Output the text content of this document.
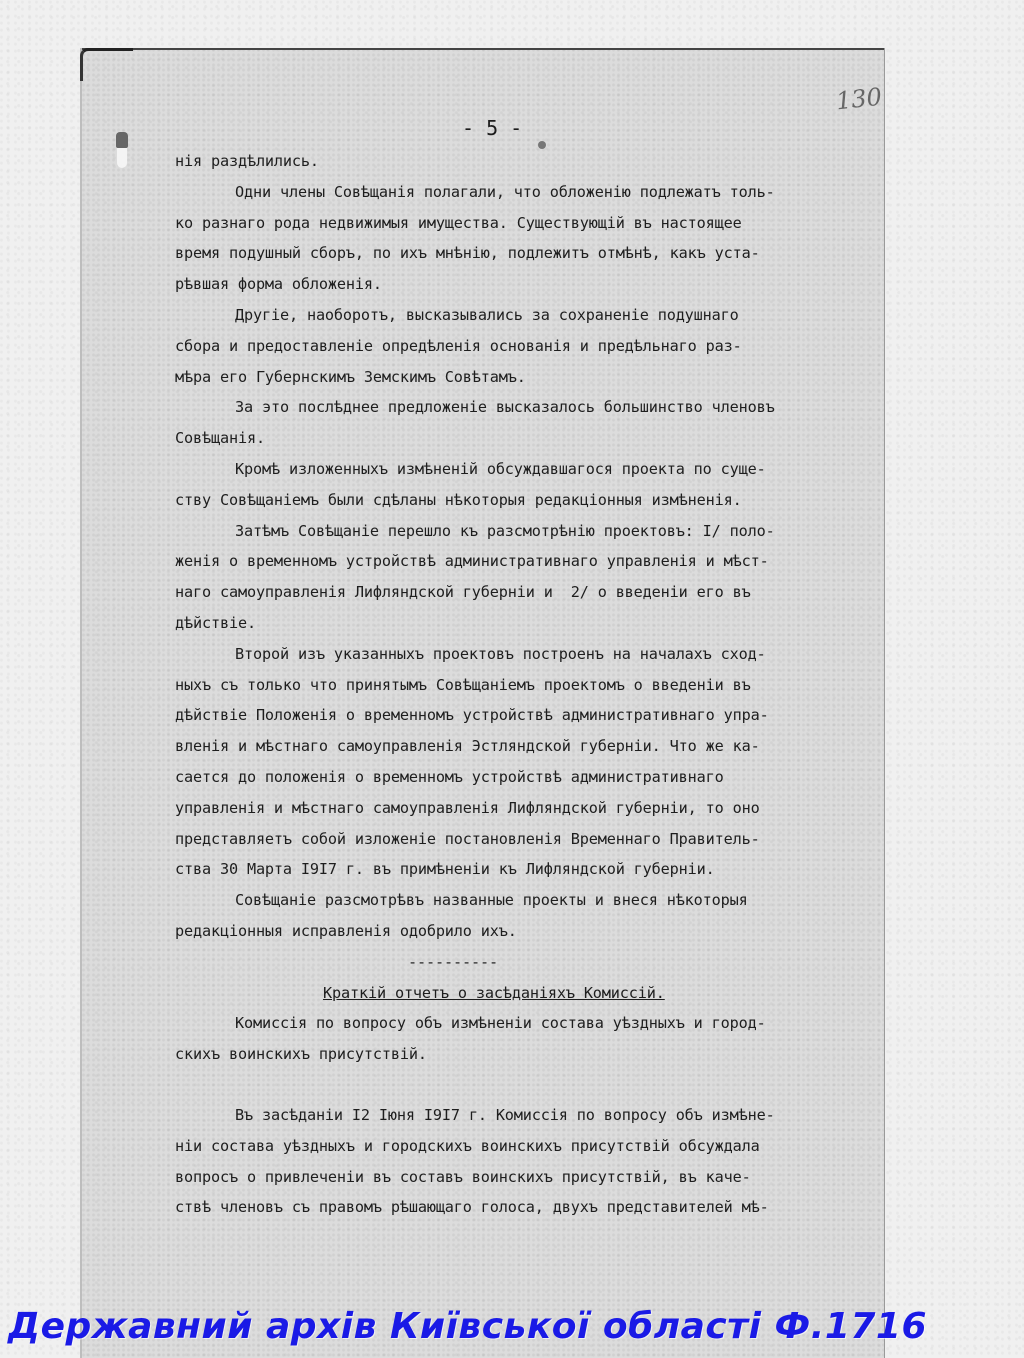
130
- 5 -
нія раздѣлились.
Одни члены Совѣщанія полагали, что обложенію подлежатъ толь-
ко разнаго рода недвижимыя имущества. Существующій въ настоящее
время подушный сборъ, по ихъ мнѣнію, подлежитъ отмѣнѣ, какъ уста-
рѣвшая форма обложенія.
Другіе, наоборотъ, высказывались за сохраненіе подушнаго
сбора и предоставленіе опредѣленія основанія и предѣльнаго раз-
мѣра его Губернскимъ Земскимъ Совѣтамъ.
За это послѣднее предложеніе высказалось большинство членовъ
Совѣщанія.
Кромѣ изложенныхъ измѣненій обсуждавшагося проекта по суще-
ству Совѣщаніемъ были сдѣланы нѣкоторыя редакціонныя измѣненія.
Затѣмъ Совѣщаніе перешло къ разсмотрѣнію проектовъ: I/ поло-
женія о временномъ устройствѣ административнаго управленія и мѣст-
наго самоуправленія Лифляндской губерніи и  2/ о введеніи его въ
дѣйствіе.
Второй изъ указанныхъ проектовъ построенъ на началахъ сход-
ныхъ съ только что принятымъ Совѣщаніемъ проектомъ о введеніи въ
дѣйствіе Положенія о временномъ устройствѣ административнаго упра-
вленія и мѣстнаго самоуправленія Эстляндской губерніи. Что же ка-
сается до положенія о временномъ устройствѣ административнаго
управленія и мѣстнаго самоуправленія Лифляндской губерніи, то оно
представляетъ собой изложеніе постановленія Временнаго Правитель-
ства 30 Марта I9I7 г. въ примѣненіи къ Лифляндской губерніи.
Совѣщаніе разсмотрѣвъ названные проекты и внеся нѣкоторыя
редакціонныя исправленія одобрило ихъ.
----------
Краткій отчетъ о засѣданіяхъ Комиссій.
Комиссія по вопросу объ измѣненіи состава уѣздныхъ и город-
скихъ воинскихъ присутствій.
Въ засѣданіи I2 Іюня I9I7 г. Комиссія по вопросу объ измѣне-
ніи состава уѣздныхъ и городскихъ воинскихъ присутствій обсуждала
вопросъ о привлеченіи въ составъ воинскихъ присутствій, въ каче-
ствѣ членовъ съ правомъ рѣшающаго голоса, двухъ представителей мѣ-
Державний архів Київської області Ф.1716
